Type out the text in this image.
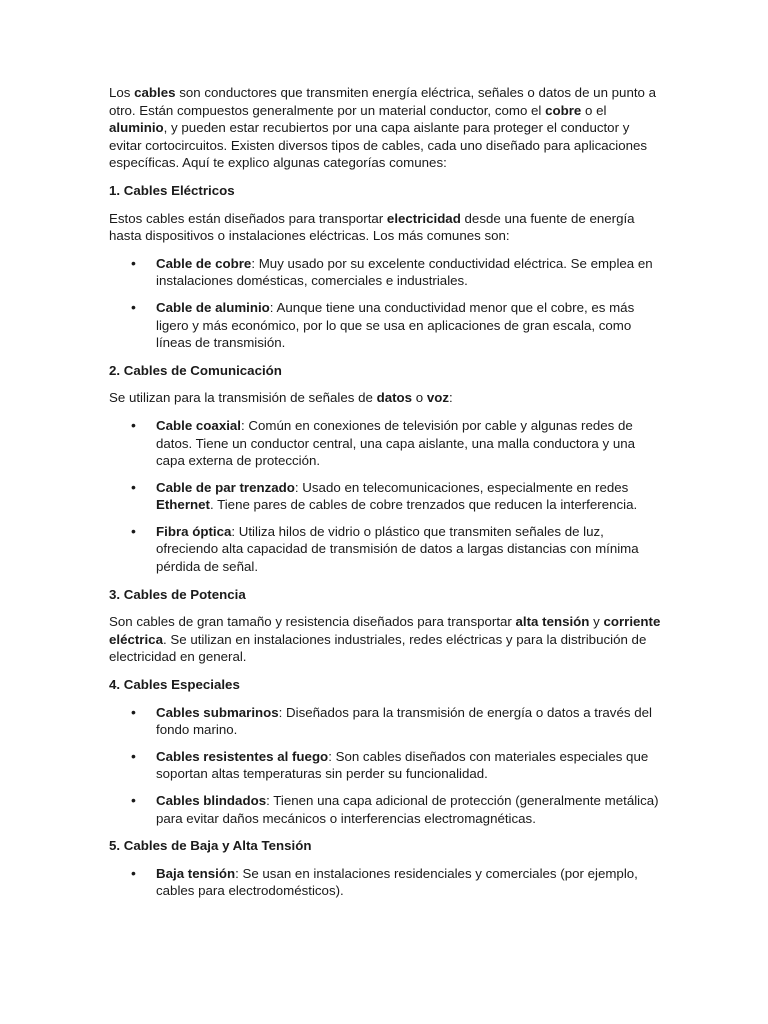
Los cables son conductores que transmiten energía eléctrica, señales o datos de un punto a otro. Están compuestos generalmente por un material conductor, como el cobre o el aluminio, y pueden estar recubiertos por una capa aislante para proteger el conductor y evitar cortocircuitos. Existen diversos tipos de cables, cada uno diseñado para aplicaciones específicas. Aquí te explico algunas categorías comunes:

1. Cables Eléctricos

Estos cables están diseñados para transportar electricidad desde una fuente de energía hasta dispositivos o instalaciones eléctricas. Los más comunes son:

• Cable de cobre: Muy usado por su excelente conductividad eléctrica. Se emplea en instalaciones domésticas, comerciales e industriales.
• Cable de aluminio: Aunque tiene una conductividad menor que el cobre, es más ligero y más económico, por lo que se usa en aplicaciones de gran escala, como líneas de transmisión.
2. Cables de Comunicación

Se utilizan para la transmisión de señales de datos o voz:

• Cable coaxial: Común en conexiones de televisión por cable y algunas redes de datos. Tiene un conductor central, una capa aislante, una malla conductora y una capa externa de protección.
• Cable de par trenzado: Usado en telecomunicaciones, especialmente en redes Ethernet. Tiene pares de cables de cobre trenzados que reducen la interferencia.
• Fibra óptica: Utiliza hilos de vidrio o plástico que transmiten señales de luz, ofreciendo alta capacidad de transmisión de datos a largas distancias con mínima pérdida de señal.
3. Cables de Potencia

Son cables de gran tamaño y resistencia diseñados para transportar alta tensión y corriente eléctrica. Se utilizan en instalaciones industriales, redes eléctricas y para la distribución de electricidad en general.

4. Cables Especiales
• Cables submarinos: Diseñados para la transmisión de energía o datos a través del fondo marino.
• Cables resistentes al fuego: Son cables diseñados con materiales especiales que soportan altas temperaturas sin perder su funcionalidad.
• Cables blindados: Tienen una capa adicional de protección (generalmente metálica) para evitar daños mecánicos o interferencias electromagnéticas.
5. Cables de Baja y Alta Tensión
• Baja tensión: Se usan en instalaciones residenciales y comerciales (por ejemplo, cables para electrodomésticos).
